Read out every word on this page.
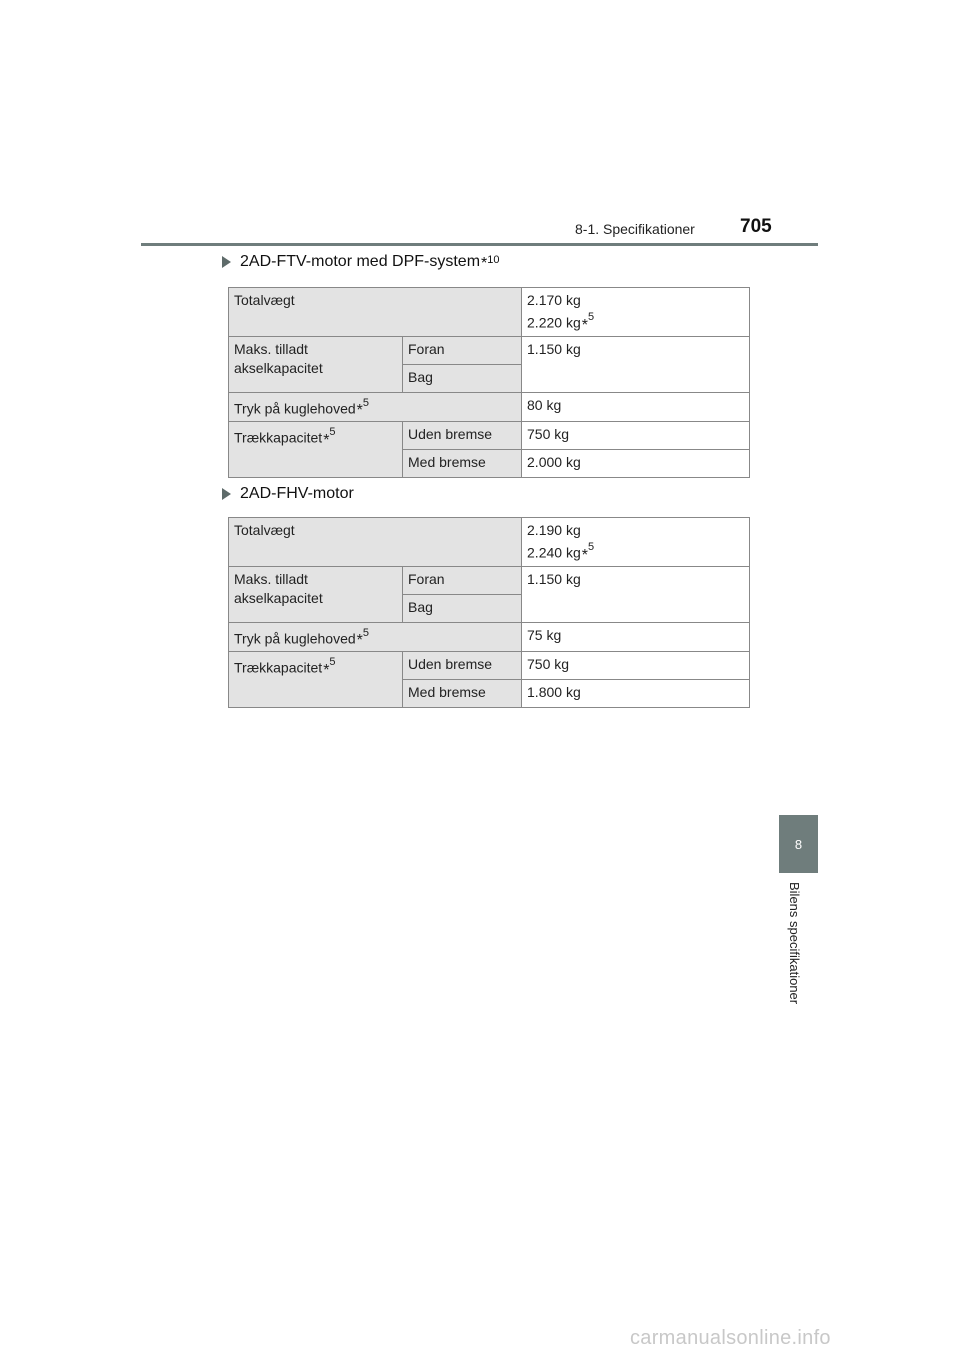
8-1. Specifikationer 705
2AD-FTV-motor med DPF-system *$^{10}$
Totalvægt		2.170 kg
2.220 kg*$^5$

Maks. tilladt akselkapacitet	Foran	1.150 kg
	Bag	
Tryk på kuglehoved*$^5$		80 kg
Trækkapacitet*$^5$	Uden bremse	750 kg
	Med bremse	2.000 kg
2AD-FHV-motor
Totalvægt		2.190 kg
2.240 kg*$^5$

Maks. tilladt akselkapacitet	Foran	1.150 kg
	Bag	
Tryk på kuglehoved*$^5$		75 kg
Trækkapacitet*$^5$	Uden bremse	750 kg
	Med bremse	1.800 kg
8
Bilens specifikationer
carmanualsonline.info
